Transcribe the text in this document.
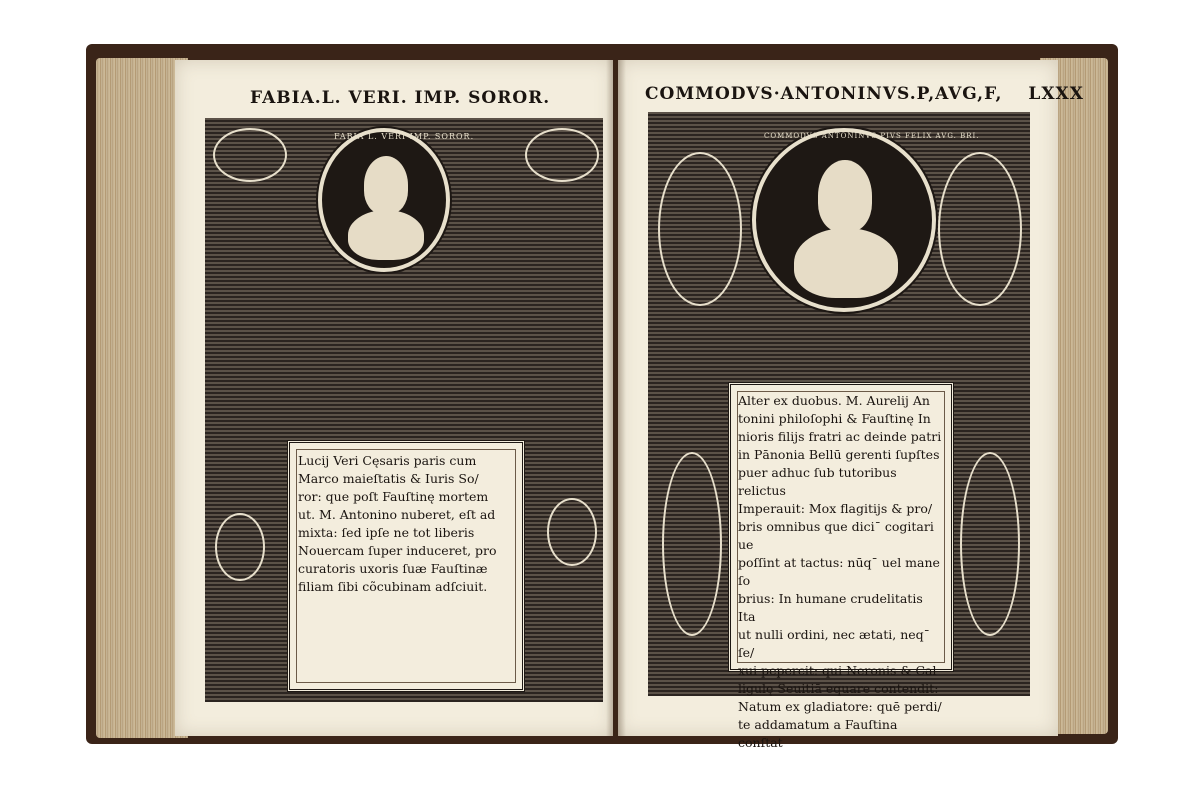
FABIA.L. VERI. IMP. SOROR.	COMMODVS·ANTONINVS.P,AVG,F, LXXX
FABIA L. VERI IMP. SOROR.
Lucij Veri Cęsaris paris cum
Marco maieſtatis & Iuris So/
ror: que poſt Fauſtinę mortem
ut. M. Antonino nuberet, eſt ad
mixta: ſed ipſe ne tot liberis
Nouercam ſuper induceret, pro
curatoris uxoris ſuæ Fauſtinæ
filiam ſibi cõcubinam adſciuit.
COMMODVS ANTONINVS PIVS FELIX AVG. BRI.
Alter ex duobus. M. Aurelij An
tonini philoſophi & Fauſtinę In
nioris filijs fratri ac deinde patri
in Pānonia Bellū gerenti ſupſtes
puer adhuc ſub tutoribus relictus
Imperauit: Mox flagitijs & pro/
bris omnibus que diciˉ cogitari ue
poſſint at tactus: nūqˉ uel mane ſo
brius: In humane crudelitatis Ita
ut nulli ordini, nec ætati, neqˉ ſe/
xui pepercit: qui Neronis & Cal
ligulę Seuitiā equare contendit:
Natum ex gladiatore: quē perdi/
te addamatum a Fauſtina conſtat
